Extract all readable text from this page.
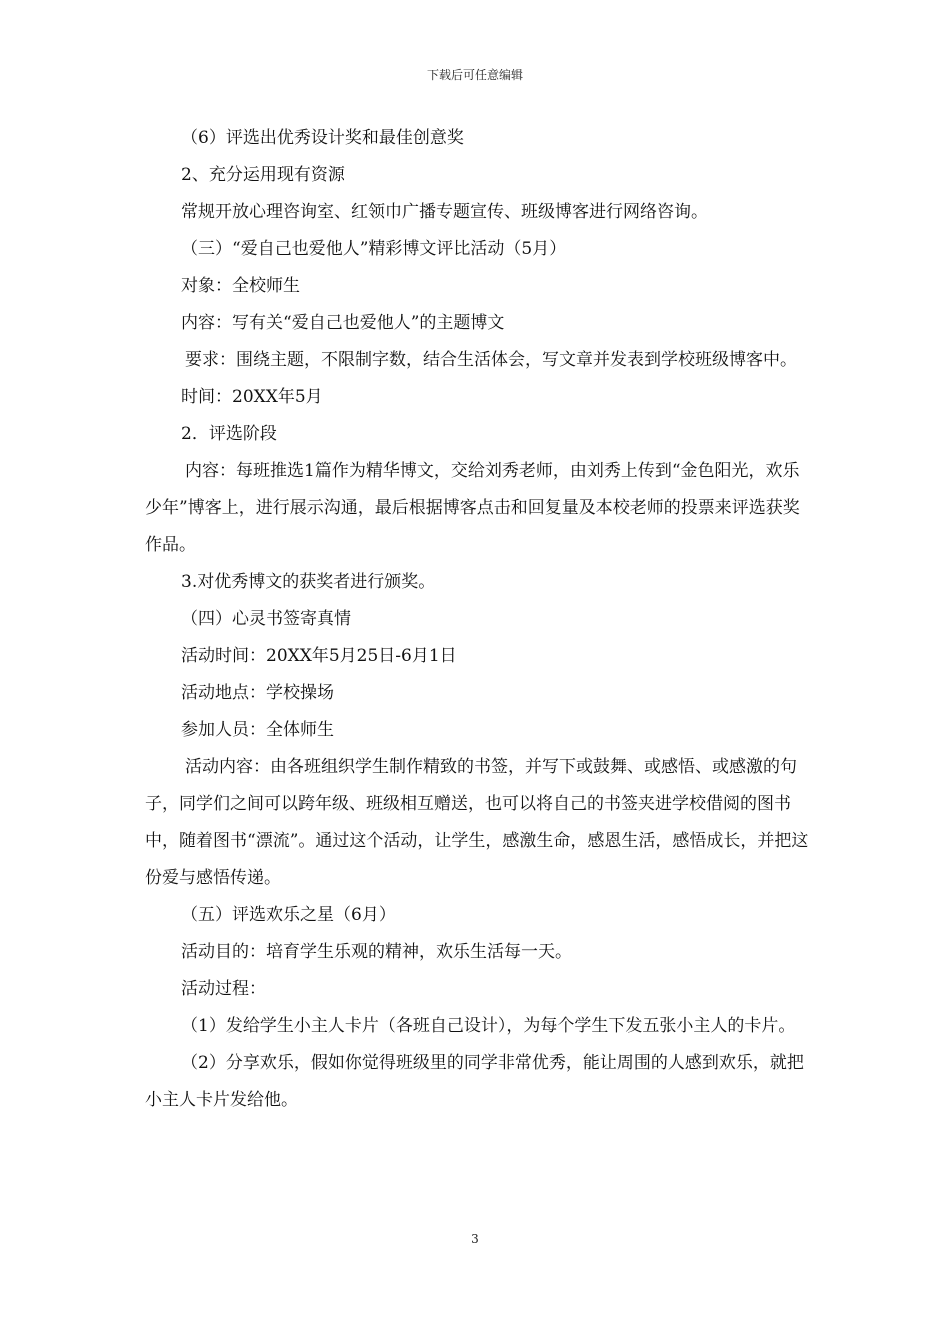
下载后可任意编辑

（6）评选出优秀设计奖和最佳创意奖

2、充分运用现有资源

常规开放心理咨询室、红领巾广播专题宣传、班级博客进行网络咨询。

（三）“爱自己也爱他人”精彩博文评比活动（5月）

对象：全校师生

内容：写有关“爱自己也爱他人”的主题博文

要求：围绕主题，不限制字数，结合生活体会，写文章并发表到学校班级博客中。

时间：20XX年5月

2．评选阶段

内容：每班推选1篇作为精华博文，交给刘秀老师，由刘秀上传到“金色阳光，欢乐少年”博客上，进行展示沟通，最后根据博客点击和回复量及本校老师的投票来评选获奖作品。

3.对优秀博文的获奖者进行颁奖。

（四）心灵书签寄真情

活动时间：20XX年5月25日-6月1日

活动地点：学校操场

参加人员：全体师生

活动内容：由各班组织学生制作精致的书签，并写下或鼓舞、或感悟、或感激的句子，同学们之间可以跨年级、班级相互赠送，也可以将自己的书签夹进学校借阅的图书中，随着图书“漂流”。通过这个活动，让学生，感激生命，感恩生活，感悟成长，并把这份爱与感悟传递。

（五）评选欢乐之星（6月）

活动目的：培育学生乐观的精神，欢乐生活每一天。

活动过程：

（1）发给学生小主人卡片（各班自己设计），为每个学生下发五张小主人的卡片。

（2）分享欢乐，假如你觉得班级里的同学非常优秀，能让周围的人感到欢乐，就把小主人卡片发给他。

3
